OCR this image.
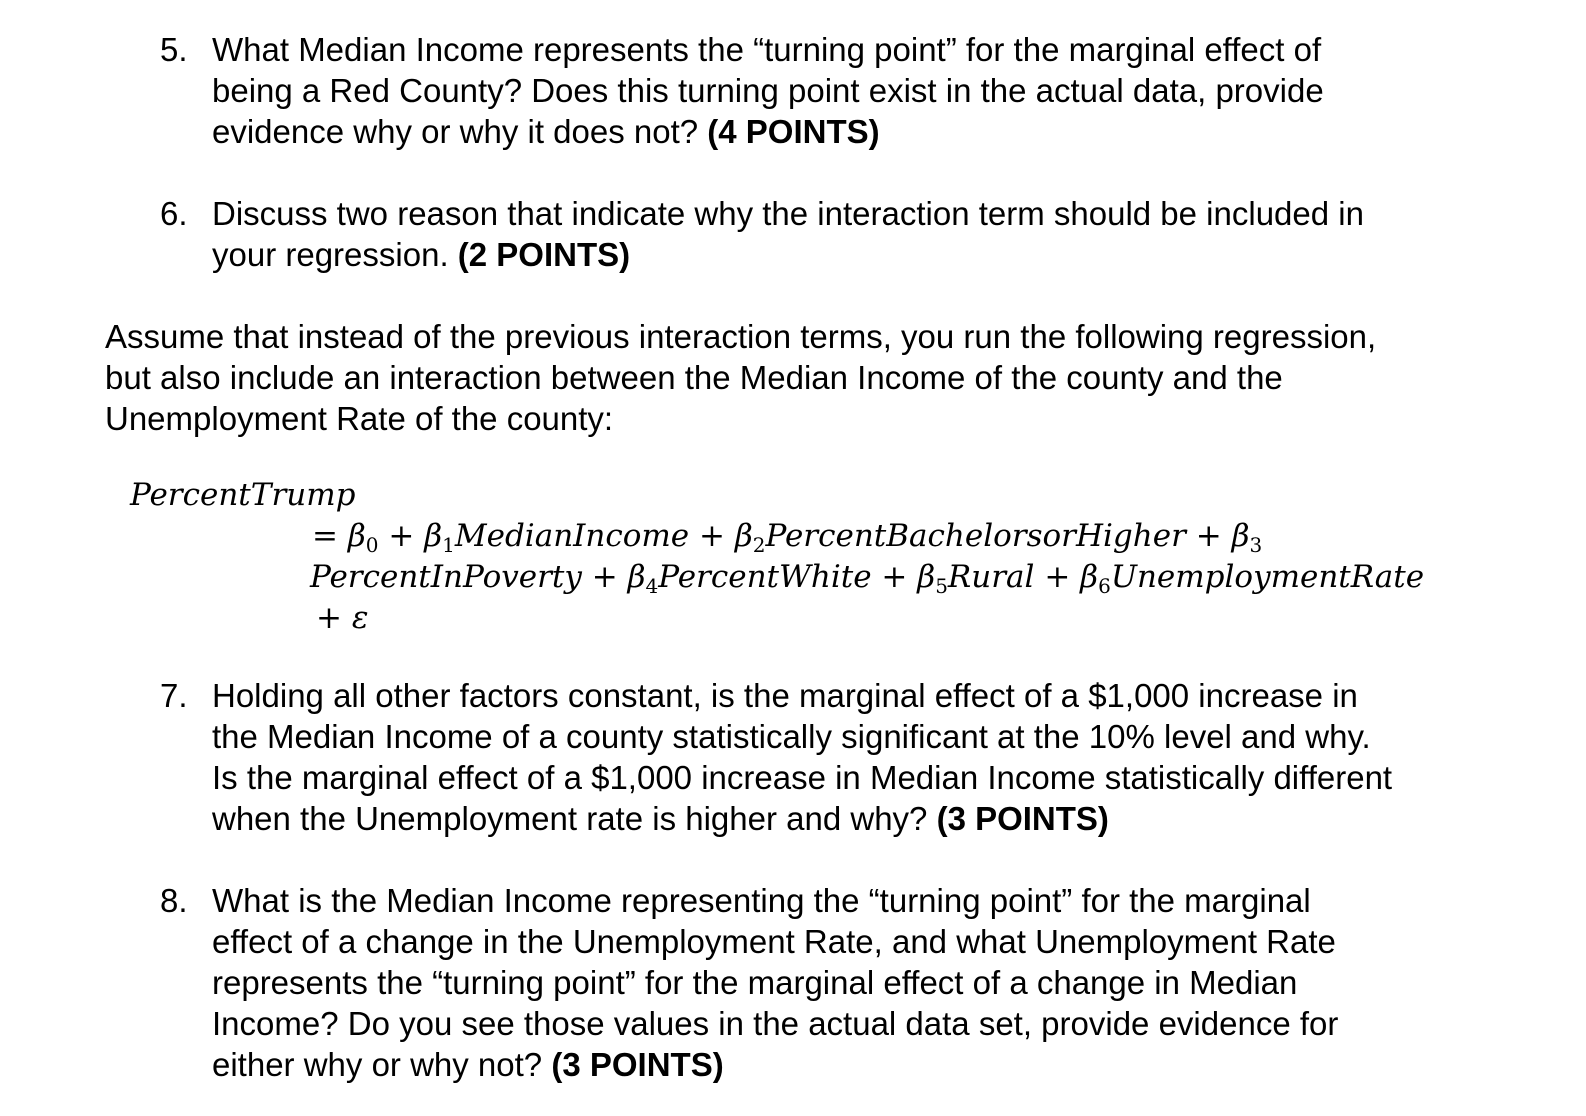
5. What Median Income represents the “turning point” for the marginal effect of
being a Red County? Does this turning point exist in the actual data, provide
evidence why or why it does not? (4 POINTS)
6. Discuss two reason that indicate why the interaction term should be included in
your regression. (2 POINTS)
Assume that instead of the previous interaction terms, you run the following regression,
but also include an interaction between the Median Income of the county and the
Unemployment Rate of the county:
PercentTrump
= $\beta_0$ + $\beta_1MedianIncome$ + $\beta_2PercentBachelorsorHigher + \beta_3$
PercentInPoverty + $\beta_4PercentWhite$ + $\beta_5Rural$ + $\beta_6UnemploymentRate$
+ ε
7. Holding all other factors constant, is the marginal effect of a $1,000 increase in
the Median Income of a county statistically significant at the 10% level and why.
Is the marginal effect of a $1,000 increase in Median Income statistically different
when the Unemployment rate is higher and why? (3 POINTS)
8. What is the Median Income representing the “turning point” for the marginal
effect of a change in the Unemployment Rate, and what Unemployment Rate
represents the “turning point” for the marginal effect of a change in Median
Income? Do you see those values in the actual data set, provide evidence for
either why or why not? (3 POINTS)
